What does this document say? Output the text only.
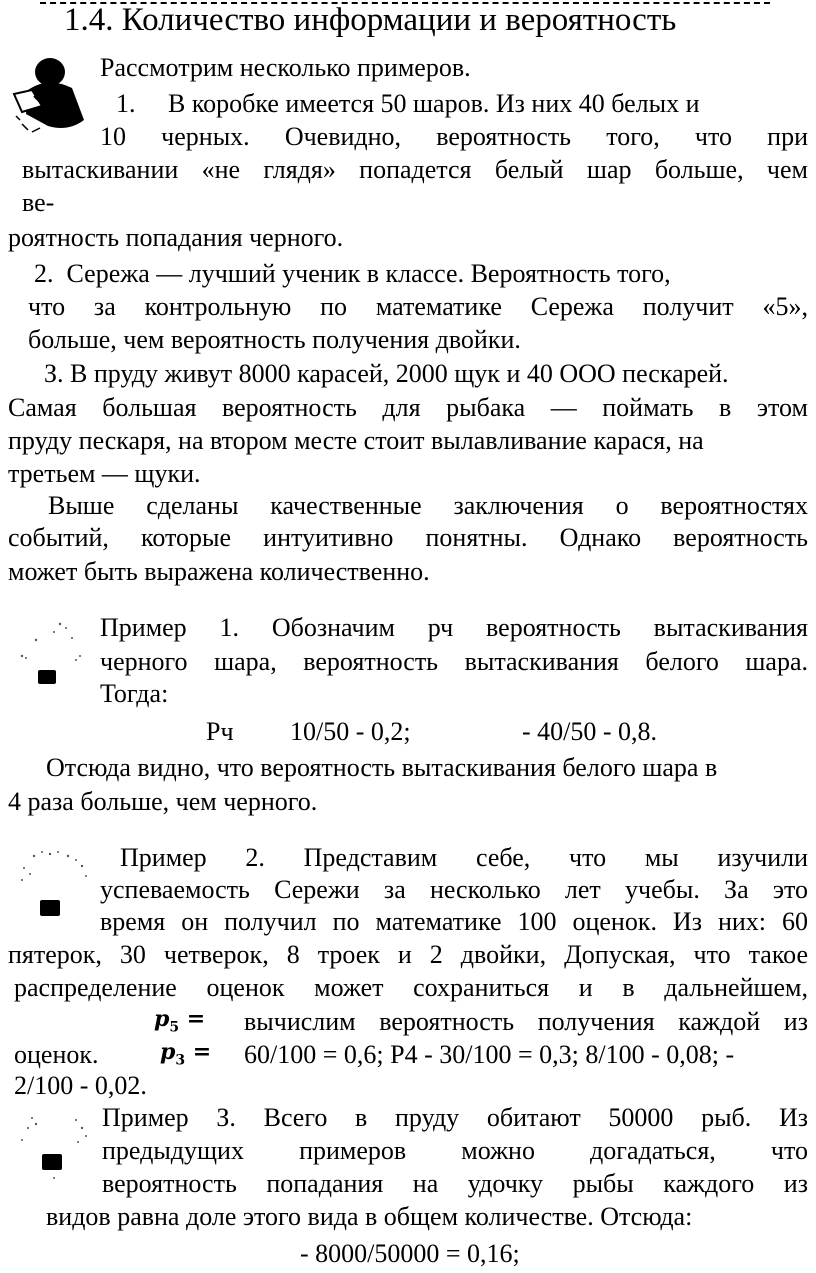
1.4. Количество информации и вероятность

Рассмотрим несколько примеров.

1.     В коробке имеется 50 шаров. Из них 40 белых и

10 черных. Очевидно, вероятность того, что при

вытаскивании «не глядя» попадется белый шар больше, чем

ве-

роятность попадания черного.

2.  Сережа — лучший ученик в классе. Вероятность того,

что за контрольную по математике Сережа получит «5»,

больше, чем вероятность получения двойки.

З. В пруду живут 8000 карасей, 2000 щук и 40 ООО пескарей.

Самая большая вероятность для рыбака — поймать в этом

пруду пескаря, на втором месте стоит вылавливание карася, на

третьем — щуки.

Выше сделаны качественные заключения о вероятностях

событий, которые интуитивно понятны. Однако вероятность

может быть выражена количественно.

Пример 1. Обозначим рч вероятность вытаскивания

черного шара, вероятность вытаскивания белого шара.

Тогда:

Рч 10/50 - 0,2;	- 40/50 - 0,8.

Отсюда видно, что вероятность вытаскивания белого шара в

4 раза больше, чем черного.

Пример 2. Представим себе, что мы изучили

успеваемость Сережи за несколько лет учебы. За это

время он получил по математике 100 оценок. Из них: 60

пятерок, 30 четверок, 8 троек и 2 двойки, Допуская, что такое

распределение оценок может сохраниться и в дальнейшем,

$p_5$ = вычислим вероятность получения каждой из

оценок.	$p_3 = 60/100 = 0,6$; Р4 - 30/100 = 0,3; 8/100 - 0,08; -

2/100 - 0,02.

Пример З. Всего в пруду обитают 50000 рыб. Из

предыдущих примеров можно догадаться, что

вероятность попадания на удочку рыбы каждого из

видов равна доле этого вида в общем количестве. Отсюда:

- 8000/50000 = 0,16;
